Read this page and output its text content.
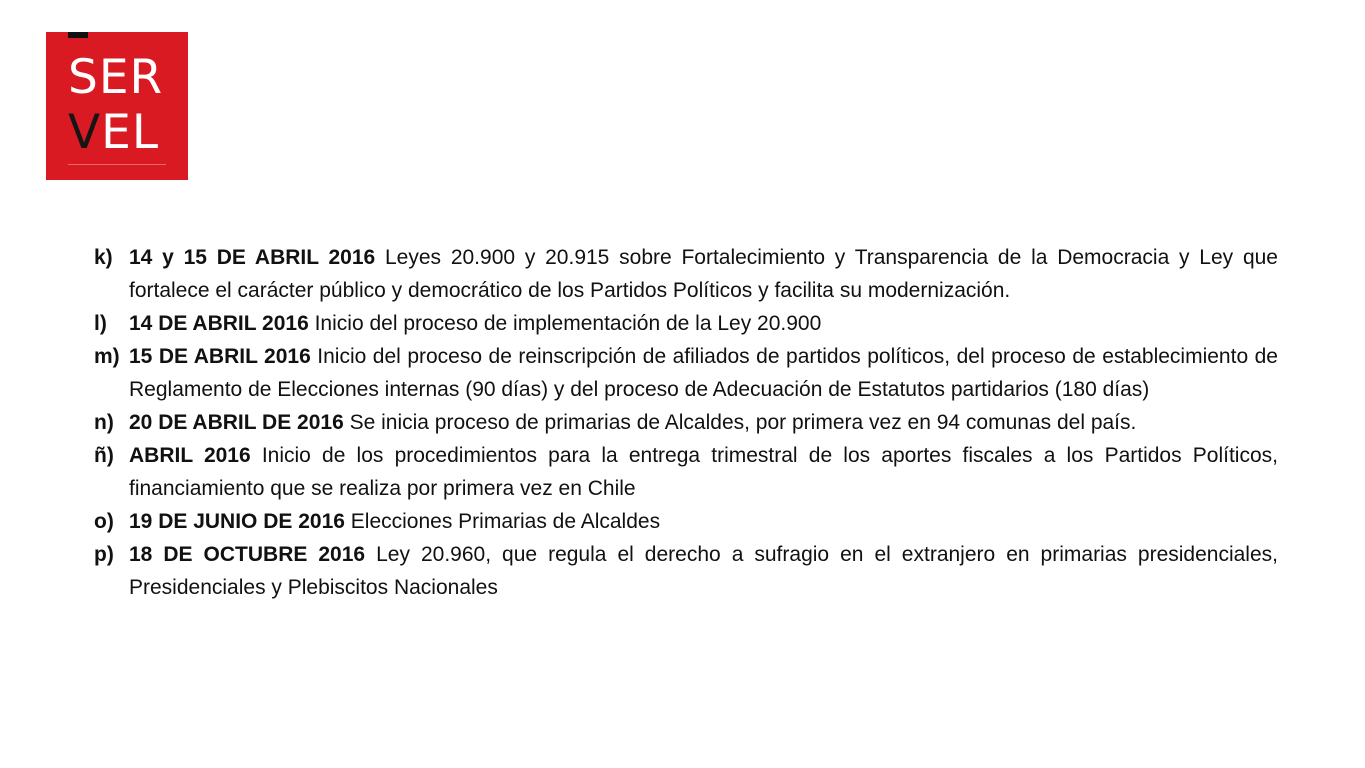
SER
VEL
k) 14 y 15 DE ABRIL 2016 Leyes 20.900 y 20.915 sobre Fortalecimiento y Transparencia de la Democracia y Ley que fortalece el carácter público y democrático de los Partidos Políticos y facilita su modernización.
l) 14 DE ABRIL 2016 Inicio del proceso de implementación de la Ley 20.900
m) 15 DE ABRIL 2016 Inicio del proceso de reinscripción de afiliados de partidos políticos, del proceso de establecimiento de Reglamento de Elecciones internas (90 días) y del proceso de Adecuación de Estatutos partidarios (180 días)
n) 20 DE ABRIL DE 2016 Se inicia proceso de primarias de Alcaldes, por primera vez en 94 comunas del país.
ñ) ABRIL 2016 Inicio de los procedimientos para la entrega trimestral de los aportes fiscales a los Partidos Políticos, financiamiento que se realiza por primera vez en Chile
o) 19 DE JUNIO DE 2016 Elecciones Primarias de Alcaldes
p) 18 DE OCTUBRE 2016 Ley 20.960, que regula el derecho a sufragio en el extranjero en primarias presidenciales, Presidenciales y Plebiscitos Nacionales
